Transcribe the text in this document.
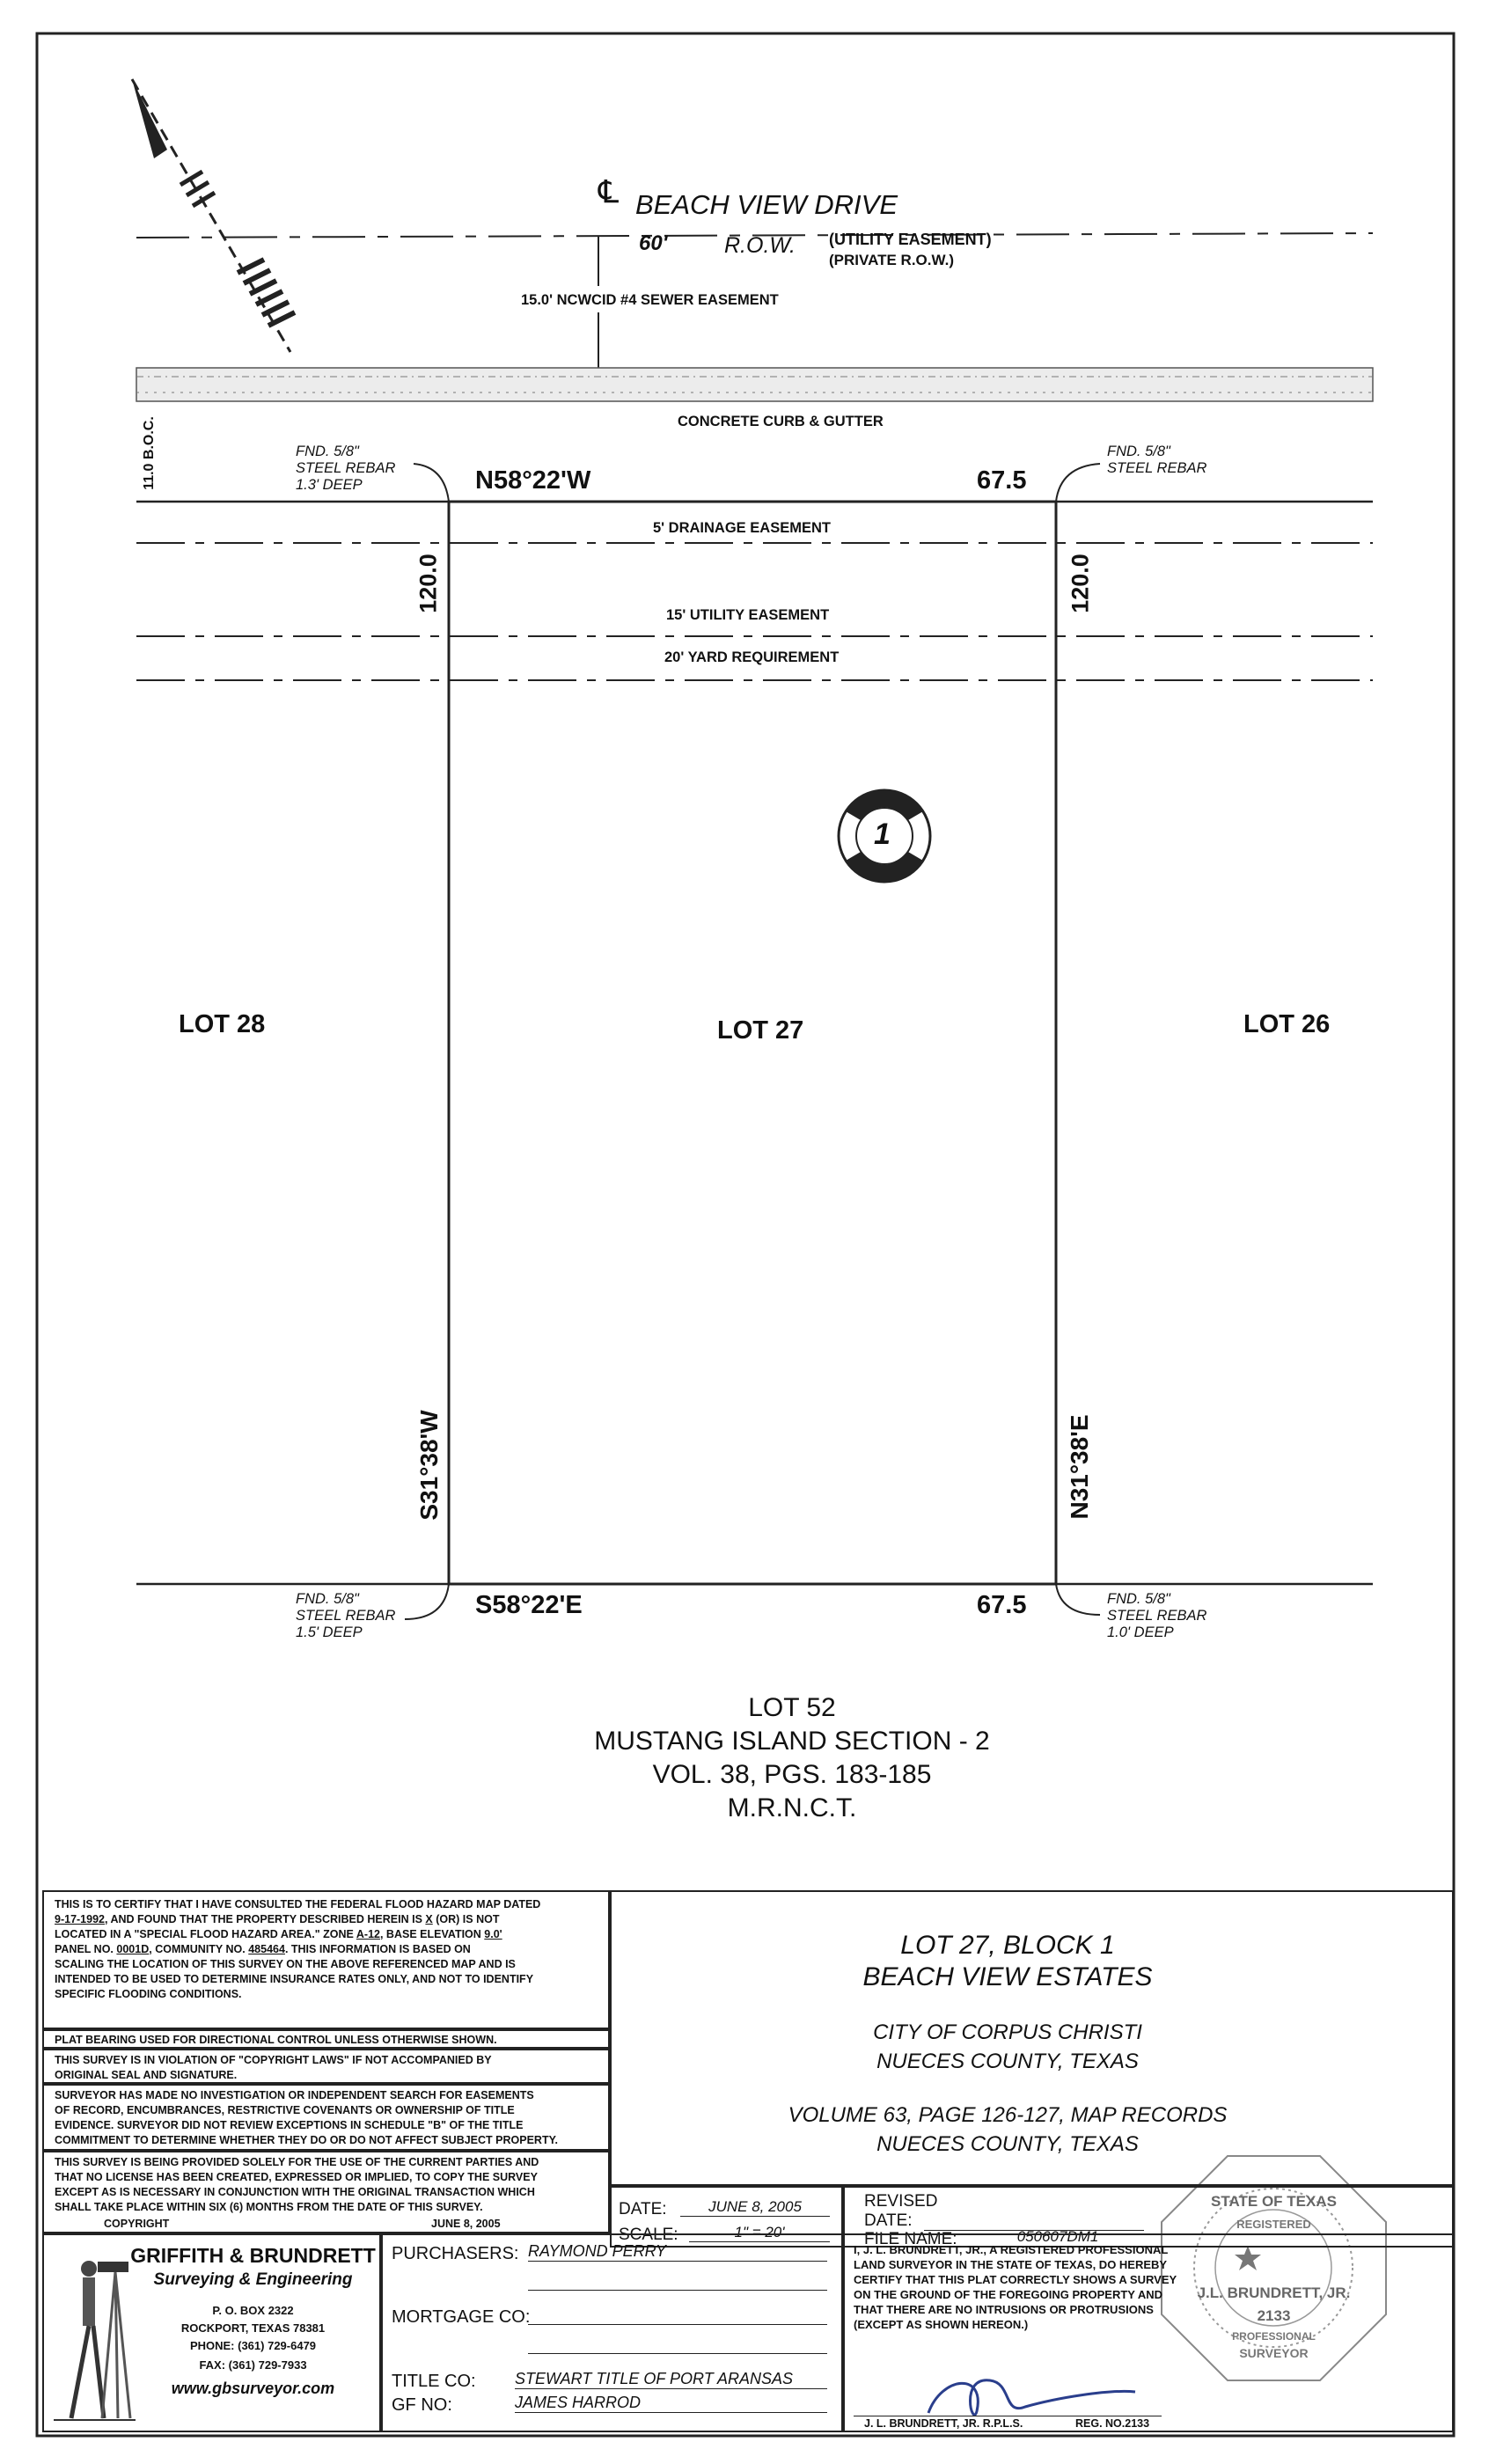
℄ BEACH VIEW DRIVE
60'	R.O.W. (UTILITY EASEMENT)
(PRIVATE R.O.W.)
15.0' NCWCID #4 SEWER EASEMENT
CONCRETE CURB & GUTTER
11.0 B.O.C.	FND. 5/8"
STEEL REBAR
1.3' DEEP
FND. 5/8"
STEEL REBAR
FND. 5/8"
STEEL REBAR
1.5' DEEP
FND. 5/8"
STEEL REBAR
1.0' DEEP
N58°22'W	67.5
120.0	120.0
S31°38'W	N31°38'E
S58°22'E	67.5
5' DRAINAGE EASEMENT
15' UTILITY EASEMENT
20' YARD REQUIREMENT
LOT 28	LOT 27	LOT 26
1
LOT 52
MUSTANG ISLAND SECTION - 2
VOL. 38, PGS. 183-185
M.R.N.C.T.
THIS IS TO CERTIFY THAT I HAVE CONSULTED THE FEDERAL FLOOD HAZARD MAP DATED
9-17-1992, AND FOUND THAT THE PROPERTY DESCRIBED HEREIN IS X (OR) IS NOT
LOCATED IN A "SPECIAL FLOOD HAZARD AREA." ZONE A-12, BASE ELEVATION 9.0'
PANEL NO. 0001D, COMMUNITY NO. 485464. THIS INFORMATION IS BASED ON
SCALING THE LOCATION OF THIS SURVEY ON THE ABOVE REFERENCED MAP AND IS
INTENDED TO BE USED TO DETERMINE INSURANCE RATES ONLY, AND NOT TO IDENTIFY
SPECIFIC FLOODING CONDITIONS.
PLAT BEARING USED FOR DIRECTIONAL CONTROL UNLESS OTHERWISE SHOWN.
THIS SURVEY IS IN VIOLATION OF "COPYRIGHT LAWS" IF NOT ACCOMPANIED BY
ORIGINAL SEAL AND SIGNATURE.
SURVEYOR HAS MADE NO INVESTIGATION OR INDEPENDENT SEARCH FOR EASEMENTS
OF RECORD, ENCUMBRANCES, RESTRICTIVE COVENANTS OR OWNERSHIP OF TITLE
EVIDENCE. SURVEYOR DID NOT REVIEW EXCEPTIONS IN SCHEDULE "B" OF THE TITLE
COMMITMENT TO DETERMINE WHETHER THEY DO OR DO NOT AFFECT SUBJECT PROPERTY.
THIS SURVEY IS BEING PROVIDED SOLELY FOR THE USE OF THE CURRENT PARTIES AND
THAT NO LICENSE HAS BEEN CREATED, EXPRESSED OR IMPLIED, TO COPY THE SURVEY
EXCEPT AS IS NECESSARY IN CONJUNCTION WITH THE ORIGINAL TRANSACTION WHICH
SHALL TAKE PLACE WITHIN SIX (6) MONTHS FROM THE DATE OF THIS SURVEY.
COPYRIGHT	JUNE 8, 2005
LOT 27, BLOCK 1
BEACH VIEW ESTATES
CITY OF CORPUS CHRISTI
NUECES COUNTY, TEXAS
VOLUME 63, PAGE 126-127, MAP RECORDS
NUECES COUNTY, TEXAS
DATE:	JUNE 8, 2005
SCALE:	1" = 20'
REVISED
DATE:
FILE NAME:	050607DM1
GRIFFITH & BRUNDRETT
Surveying & Engineering
P. O. BOX 2322
ROCKPORT, TEXAS 78381
PHONE: (361) 729-6479
FAX: (361) 729-7933
www.gbsurveyor.com
PURCHASERS: RAYMOND PERRY
MORTGAGE CO:
TITLE CO: STEWART TITLE OF PORT ARANSAS
GF NO:	JAMES HARROD
I, J. L. BRUNDRETT, JR., A REGISTERED PROFESSIONAL
LAND SURVEYOR IN THE STATE OF TEXAS, DO HEREBY
CERTIFY THAT THIS PLAT CORRECTLY SHOWS A SURVEY
ON THE GROUND OF THE FOREGOING PROPERTY AND
THAT THERE ARE NO INTRUSIONS OR PROTRUSIONS
(EXCEPT AS SHOWN HEREON.)
J. L. BRUNDRETT, JR. R.P.L.S.	REG. NO.2133
STATE OF TEXAS
REGISTERED
J.L. BRUNDRETT, JR.
2133
PROFESSIONAL
SURVEYOR
